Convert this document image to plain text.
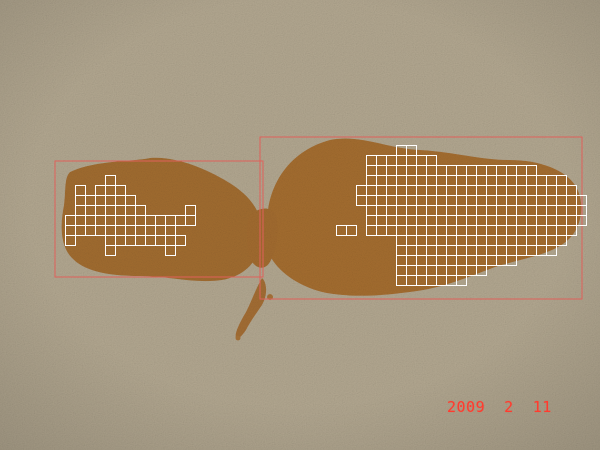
2009  2  11
